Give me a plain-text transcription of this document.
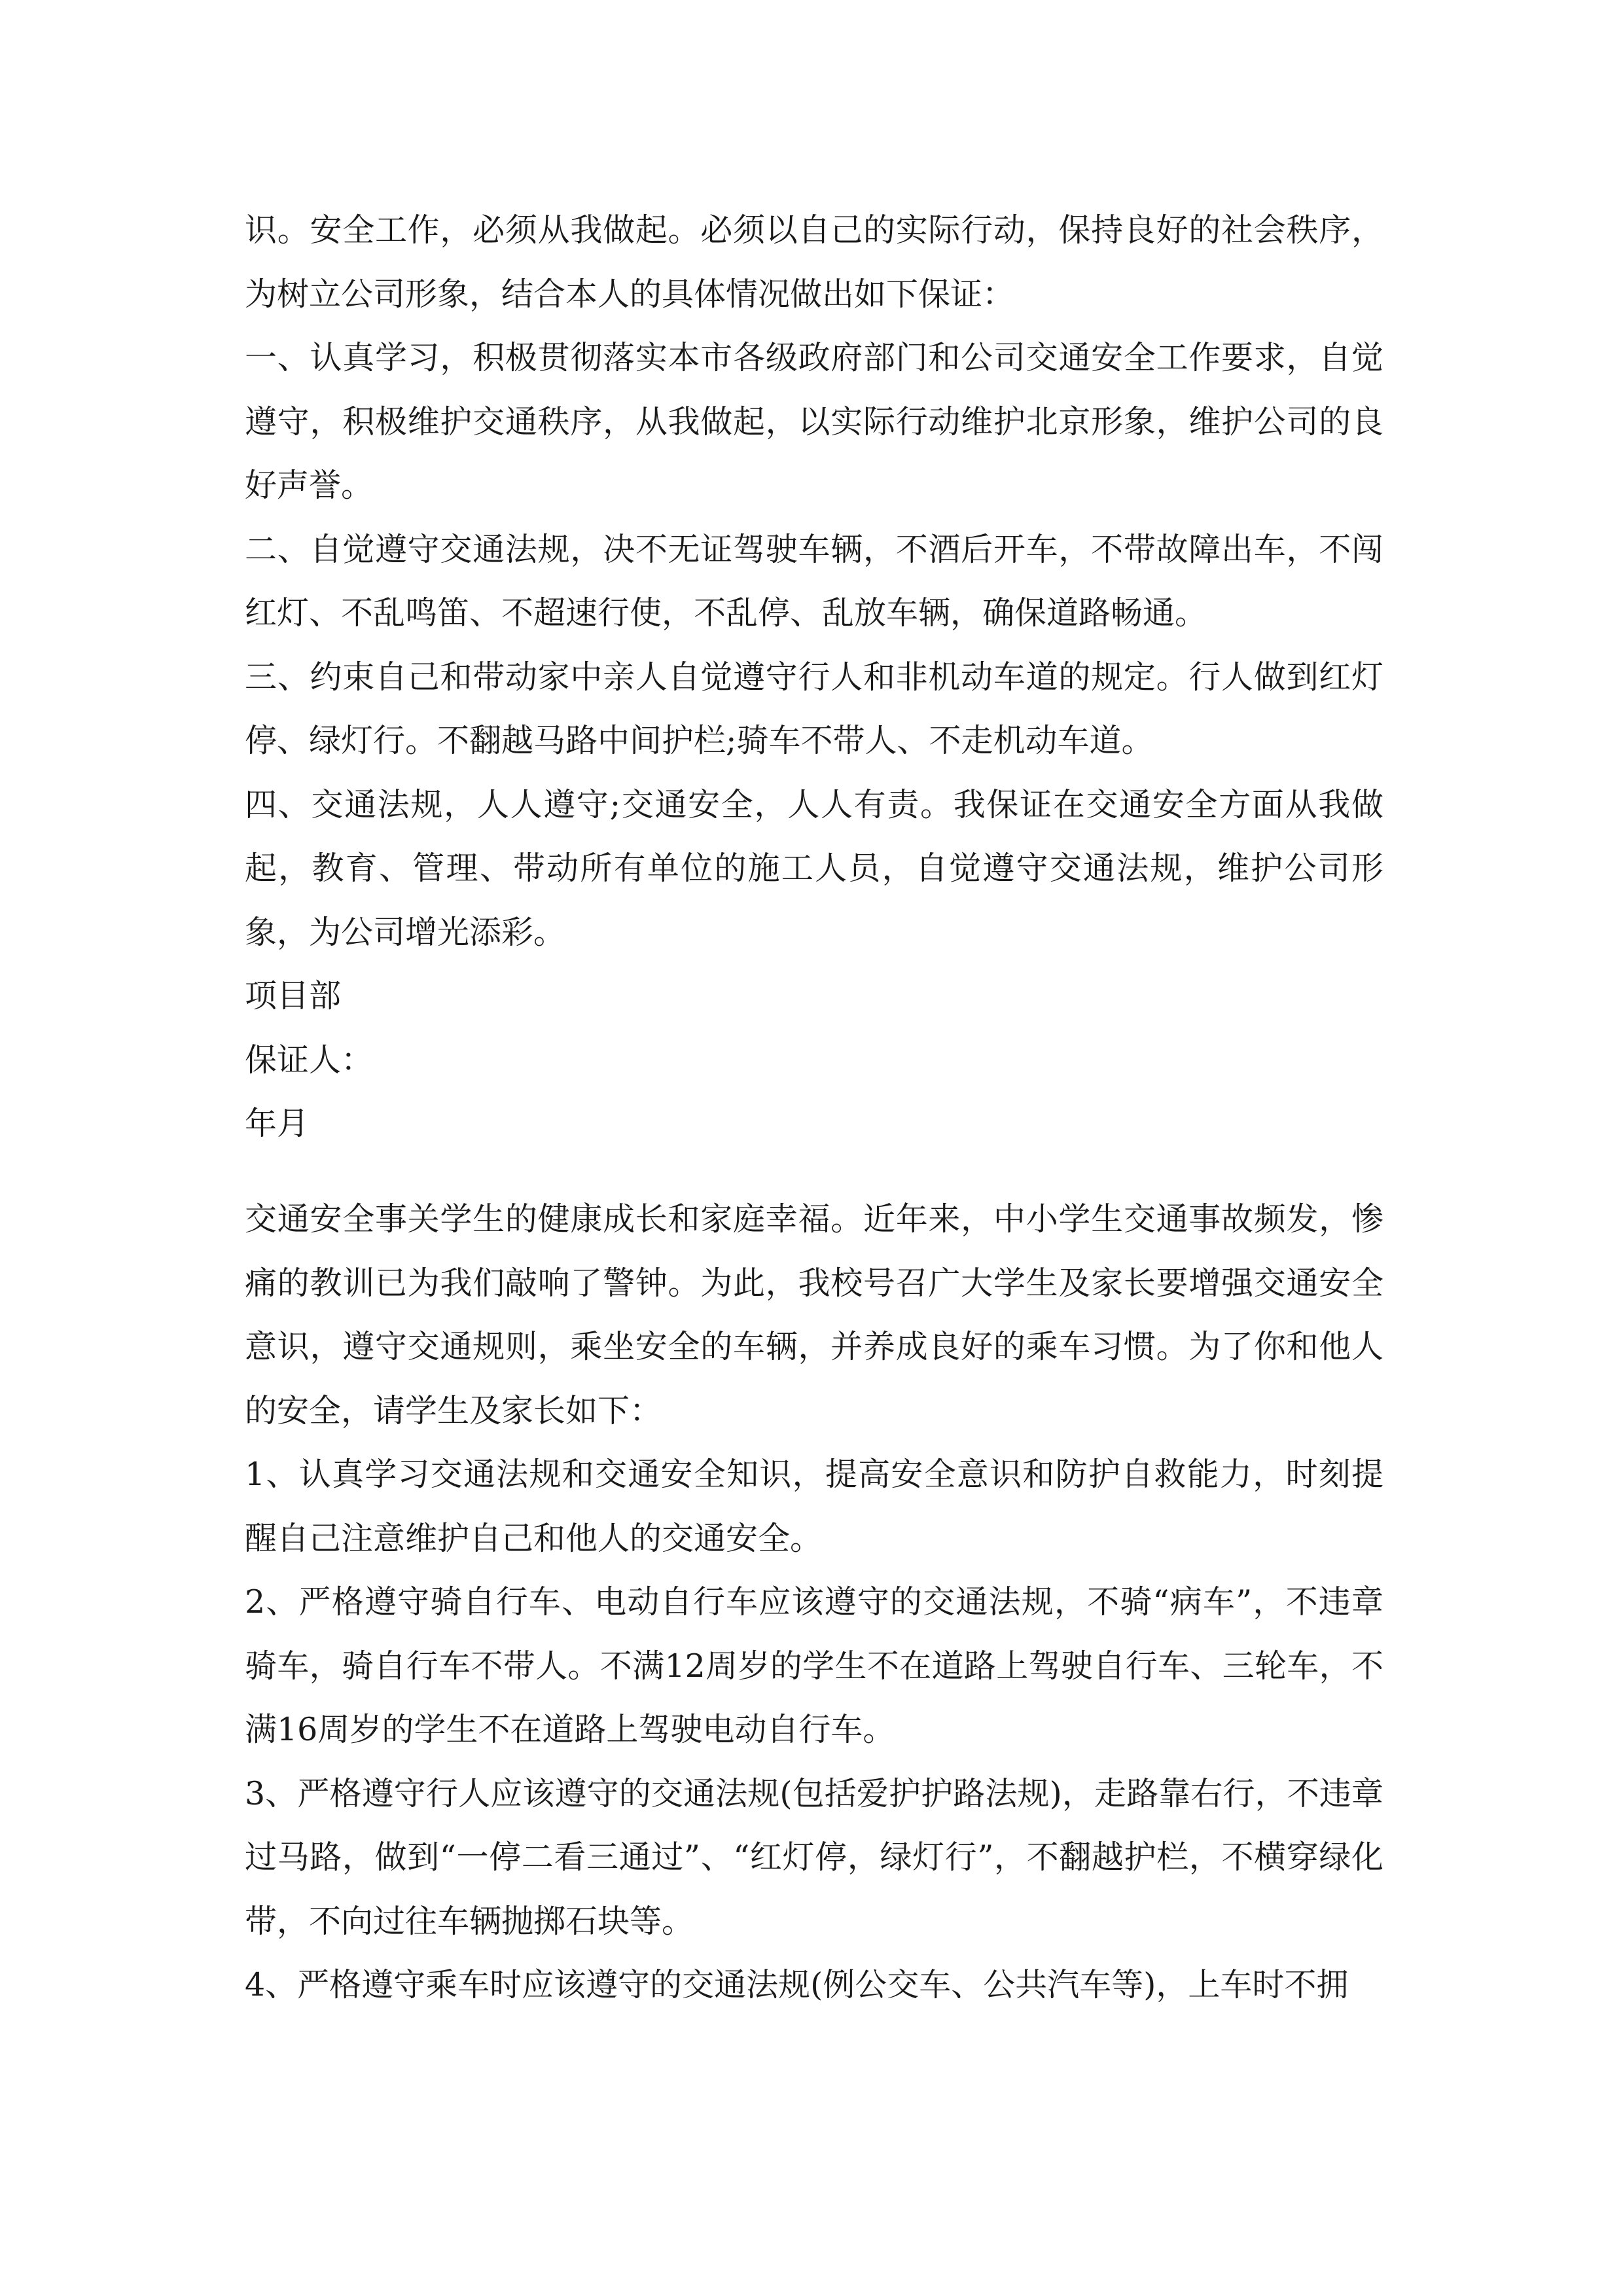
识。安全工作，必须从我做起。必须以自己的实际行动，保持良好的社会秩序，为树立公司形象，结合本人的具体情况做出如下保证：

一、认真学习，积极贯彻落实本市各级政府部门和公司交通安全工作要求，自觉遵守，积极维护交通秩序，从我做起，以实际行动维护北京形象，维护公司的良好声誉。

二、自觉遵守交通法规，决不无证驾驶车辆，不酒后开车，不带故障出车，不闯红灯、不乱鸣笛、不超速行使，不乱停、乱放车辆，确保道路畅通。

三、约束自己和带动家中亲人自觉遵守行人和非机动车道的规定。行人做到红灯停、绿灯行。不翻越马路中间护栏;骑车不带人、不走机动车道。

四、交通法规，人人遵守;交通安全，人人有责。我保证在交通安全方面从我做起，教育、管理、带动所有单位的施工人员，自觉遵守交通法规，维护公司形象，为公司增光添彩。

项目部

保证人：

年月

交通安全事关学生的健康成长和家庭幸福。近年来，中小学生交通事故频发，惨痛的教训已为我们敲响了警钟。为此，我校号召广大学生及家长要增强交通安全意识，遵守交通规则，乘坐安全的车辆，并养成良好的乘车习惯。为了你和他人的安全，请学生及家长如下：

1、认真学习交通法规和交通安全知识，提高安全意识和防护自救能力，时刻提醒自己注意维护自己和他人的交通安全。

2、严格遵守骑自行车、电动自行车应该遵守的交通法规，不骑“病车”，不违章骑车，骑自行车不带人。不满12周岁的学生不在道路上驾驶自行车、三轮车，不满16周岁的学生不在道路上驾驶电动自行车。

3、严格遵守行人应该遵守的交通法规(包括爱护护路法规)，走路靠右行，不违章过马路，做到“一停二看三通过”、“红灯停，绿灯行”，不翻越护栏，不横穿绿化带，不向过往车辆抛掷石块等。

4、严格遵守乘车时应该遵守的交通法规(例公交车、公共汽车等)，上车时不拥
